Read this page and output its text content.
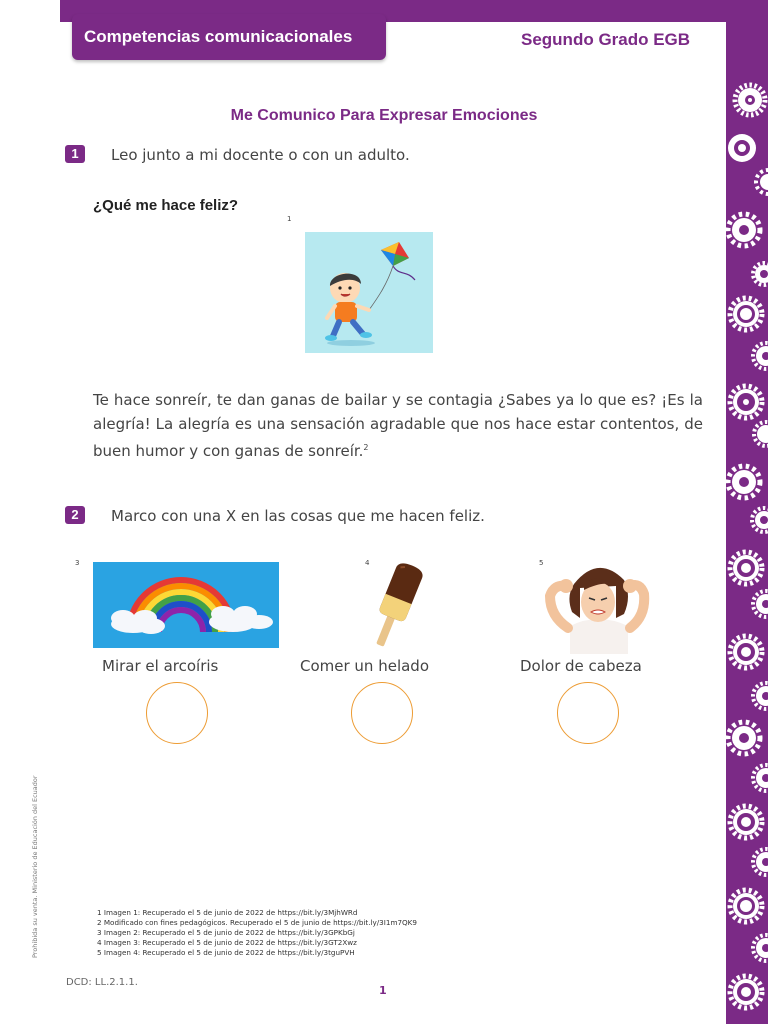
Competencias comunicacionales	Segundo Grado EGB
Me Comunico Para Expresar Emociones
1	Leo junto a mi docente o con un adulto.
¿Qué me hace feliz?
1
Te hace sonreír, te dan ganas de bailar y se contagia ¿Sabes ya lo que es? ¡Es la alegría! La alegría es una sensación agradable que nos hace estar contentos, de buen humor y con ganas de sonreír.$^2$
2	Marco con una X en las cosas que me hacen feliz.
3
Mirar el arcoíris
4
Comer un helado
5
Dolor de cabeza
1 Imagen 1: Recuperado el 5 de junio de 2022 de https://bit.ly/3MjhWRd
2 Modificado con fines pedagógicos. Recuperado el 5 de junio de https://bit.ly/3I1m7QK9
3 Imagen 2: Recuperado el 5 de junio de 2022 de https://bit.ly/3GPKbGj
4 Imagen 3: Recuperado el 5 de junio de 2022 de https://bit.ly/3GT2Xwz
5 Imagen 4: Recuperado el 5 de junio de 2022 de https://bit.ly/3tguPVH
Prohibida su venta. Ministerio de Educación del Ecuador
DCD: LL.2.1.1.
1
